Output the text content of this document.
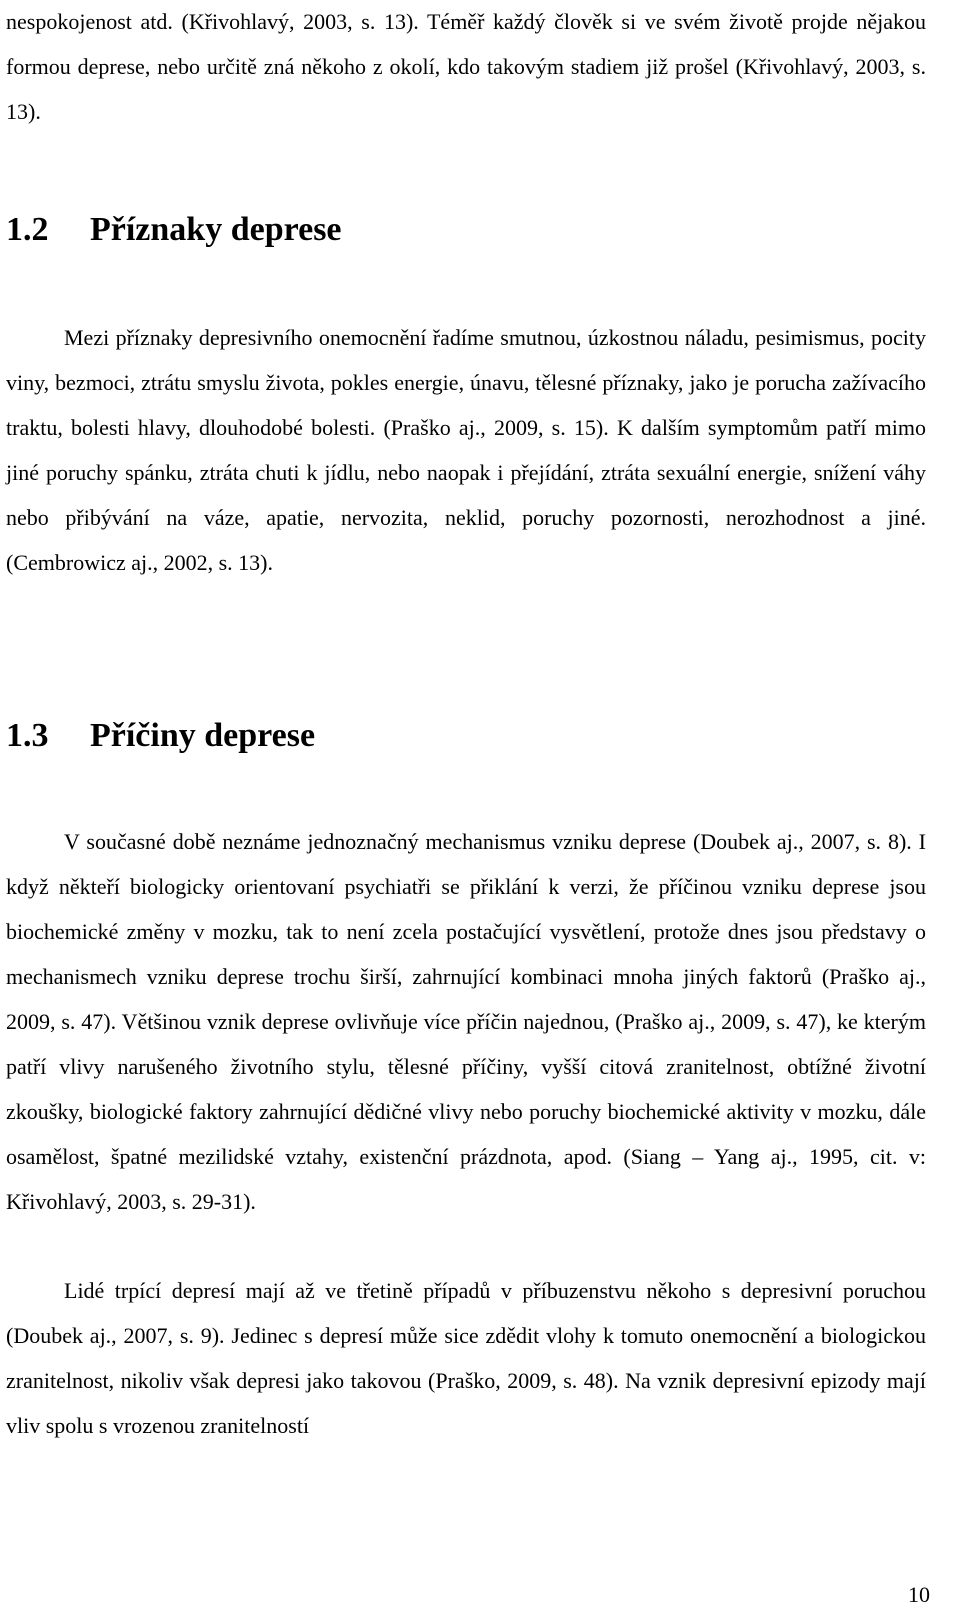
nespokojenost atd. (Křivohlavý, 2003, s. 13). Téměř každý člověk si ve svém životě projde nějakou formou deprese, nebo určitě zná někoho z okolí, kdo takovým stadiem již prošel (Křivohlavý, 2003, s. 13).

1.2	Příznaky deprese

Mezi příznaky depresivního onemocnění řadíme smutnou, úzkostnou náladu, pesimismus, pocity viny, bezmoci, ztrátu smyslu života, pokles energie, únavu, tělesné příznaky, jako je porucha zažívacího traktu, bolesti hlavy, dlouhodobé bolesti. (Praško aj., 2009, s. 15). K dalším symptomům patří mimo jiné poruchy spánku, ztráta chuti k jídlu, nebo naopak i přejídání, ztráta sexuální energie, snížení váhy nebo přibývání na váze, apatie, nervozita, neklid, poruchy pozornosti, nerozhodnost a jiné. (Cembrowicz aj., 2002, s. 13).

1.3	Příčiny deprese

V současné době neznáme jednoznačný mechanismus vzniku deprese (Doubek aj., 2007, s. 8). I když někteří biologicky orientovaní psychiatři se přiklání k verzi, že příčinou vzniku deprese jsou biochemické změny v mozku, tak to není zcela postačující vysvětlení, protože dnes jsou představy o mechanismech vzniku deprese trochu širší, zahrnující kombinaci mnoha jiných faktorů (Praško aj., 2009, s. 47). Většinou vznik deprese ovlivňuje více příčin najednou, (Praško aj., 2009, s. 47), ke kterým patří vlivy narušeného životního stylu, tělesné příčiny, vyšší citová zranitelnost, obtížné životní zkoušky, biologické faktory zahrnující dědičné vlivy nebo poruchy biochemické aktivity v mozku, dále osamělost, špatné mezilidské vztahy, existenční prázdnota, apod. (Siang – Yang aj., 1995, cit. v: Křivohlavý, 2003, s. 29-31).

Lidé trpící depresí mají až ve třetině případů v příbuzenstvu někoho s depresivní poruchou (Doubek aj., 2007, s. 9). Jedinec s depresí může sice zdědit vlohy k tomuto onemocnění a biologickou zranitelnost, nikoliv však depresi jako takovou (Praško, 2009, s. 48). Na vznik depresivní epizody mají vliv spolu s vrozenou zranitelností

10
